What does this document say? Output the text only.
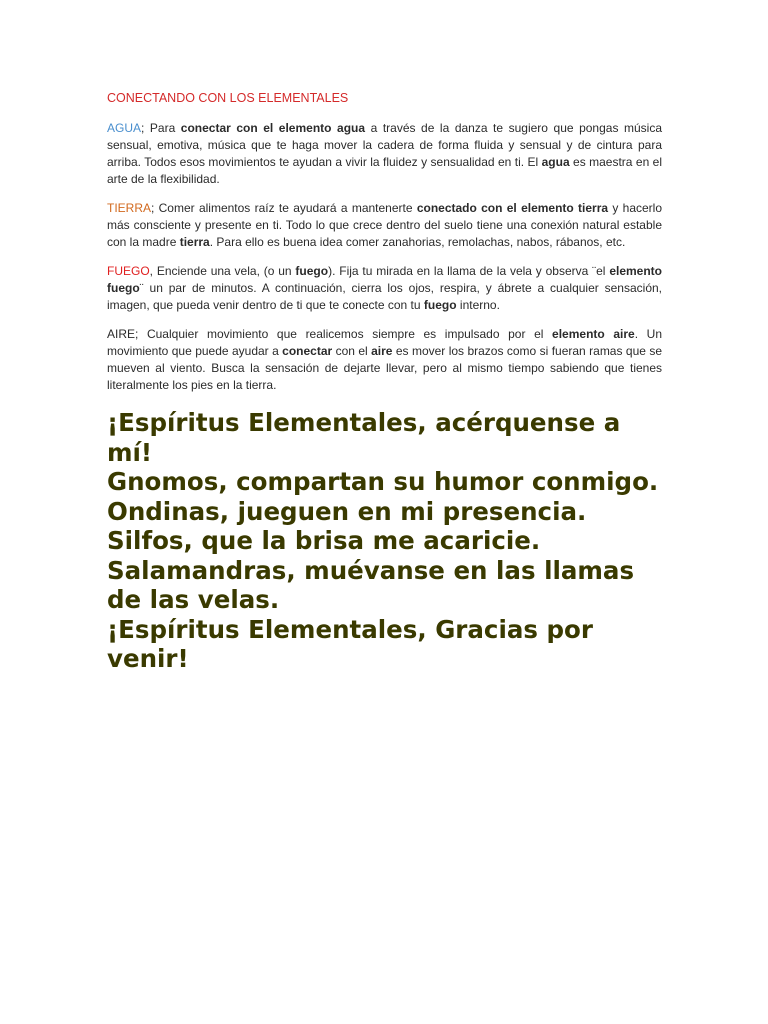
CONECTANDO CON LOS ELEMENTALES

AGUA; Para conectar con el elemento agua a través de la danza te sugiero que pongas música sensual, emotiva, música que te haga mover la cadera de forma fluida y sensual y de cintura para arriba. Todos esos movimientos te ayudan a vivir la fluidez y sensualidad en ti. El agua es maestra en el arte de la flexibilidad.

TIERRA; Comer alimentos raíz te ayudará a mantenerte conectado con el elemento tierra y hacerlo más consciente y presente en ti. Todo lo que crece dentro del suelo tiene una conexión natural estable con la madre tierra. Para ello es buena idea comer zanahorias, remolachas, nabos, rábanos, etc.

FUEGO, Enciende una vela, (o un fuego). Fija tu mirada en la llama de la vela y observa ¨el elemento fuego¨ un par de minutos. A continuación, cierra los ojos, respira, y ábrete a cualquier sensación, imagen, que pueda venir dentro de ti que te conecte con tu fuego interno.

AIRE; Cualquier movimiento que realicemos siempre es impulsado por el elemento aire. Un movimiento que puede ayudar a conectar con el aire es mover los brazos como si fueran ramas que se mueven al viento. Busca la sensación de dejarte llevar, pero al mismo tiempo sabiendo que tienes literalmente los pies en la tierra.

¡Espíritus Elementales, acérquense a mí!
Gnomos, compartan su humor conmigo.
Ondinas, jueguen en mi presencia.
Silfos, que la brisa me acaricie.
Salamandras, muévanse en las llamas de las velas.
¡Espíritus Elementales, Gracias por venir!
